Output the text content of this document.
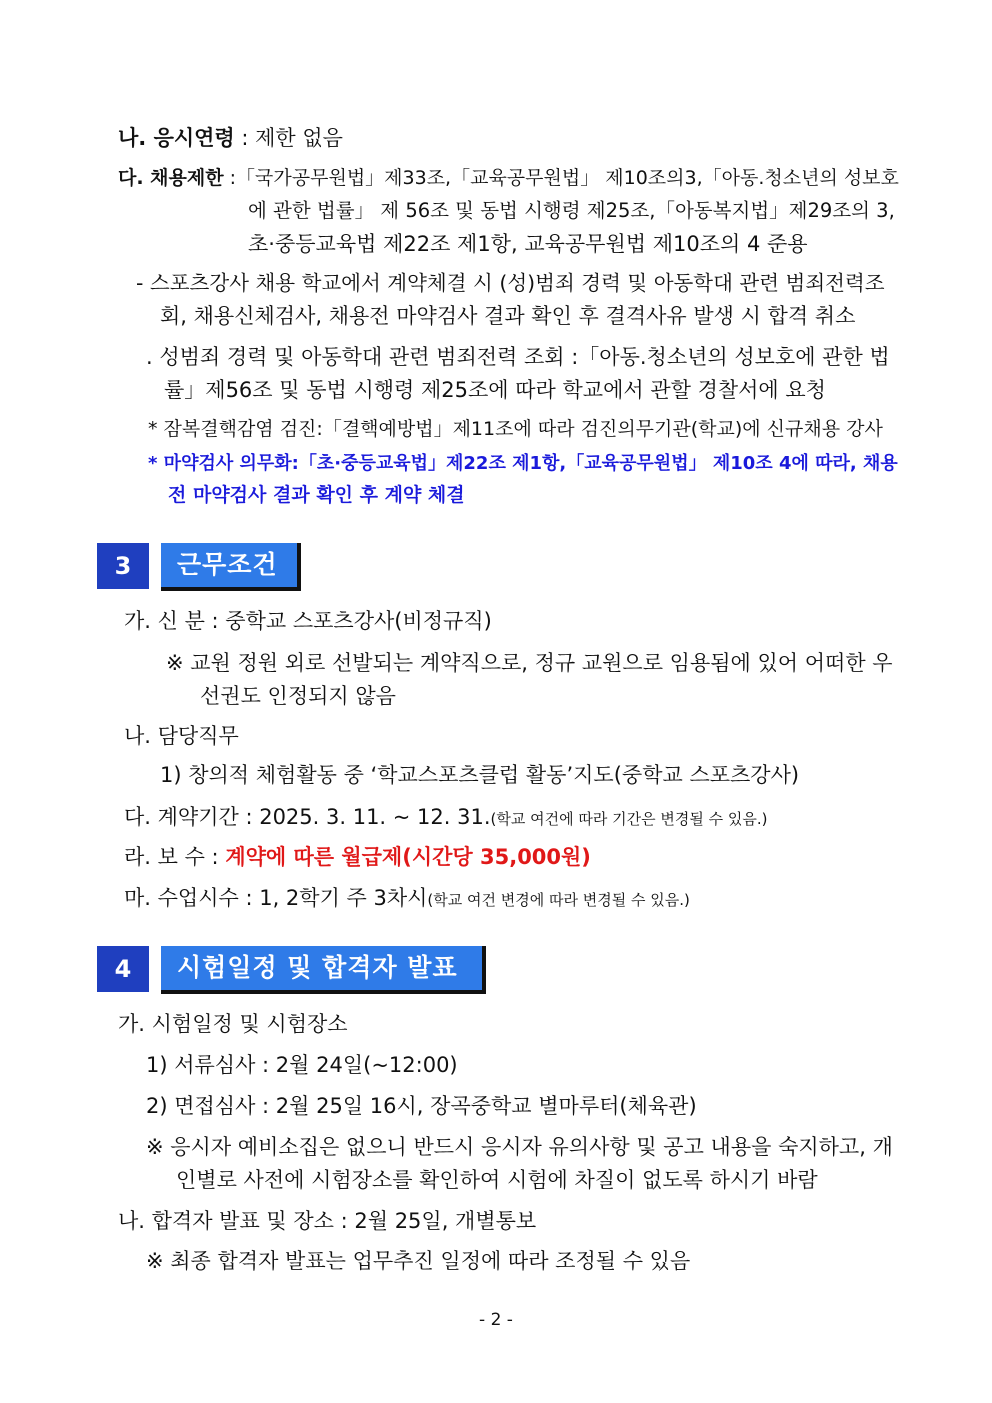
나. 응시연령 : 제한 없음
다. 채용제한 :「국가공무원법」제33조,「교육공무원법」 제10조의3,「아동.청소년의 성보호
에 관한 법률」 제 56조 및 동법 시행령 제25조,「아동복지법」제29조의 3,
초·중등교육법 제22조 제1항, 교육공무원법 제10조의 4 준용
- 스포츠강사 채용 학교에서 계약체결 시 (성)범죄 경력 및 아동학대 관련 범죄전력조
회, 채용신체검사, 채용전 마약검사 결과 확인 후 결격사유 발생 시 합격 취소
. 성범죄 경력 및 아동학대 관련 범죄전력 조회 :「아동.청소년의 성보호에 관한 법
률」제56조 및 동법 시행령 제25조에 따라 학교에서 관할 경찰서에 요청
* 잠복결핵감염 검진:「결핵예방법」제11조에 따라 검진의무기관(학교)에 신규채용 강사
* 마약검사 의무화:「초·중등교육법」제22조 제1항,「교육공무원법」 제10조 4에 따라, 채용
전 마약검사 결과 확인 후 계약 체결
3	근무조건
가. 신 분 : 중학교 스포츠강사(비정규직)
※ 교원 정원 외로 선발되는 계약직으로, 정규 교원으로 임용됨에 있어 어떠한 우
선권도 인정되지 않음
나. 담당직무
1) 창의적 체험활동 중 ‘학교스포츠클럽 활동’지도(중학교 스포츠강사)
다. 계약기간 : 2025. 3. 11. ~ 12. 31.(학교 여건에 따라 기간은 변경될 수 있음.)
라. 보 수 : 계약에 따른 월급제(시간당 35,000원)
마. 수업시수 : 1, 2학기 주 3차시(학교 여건 변경에 따라 변경될 수 있음.)
4	시험일정 및 합격자 발표
가. 시험일정 및 시험장소
1) 서류심사 : 2월 24일(~12:00)
2) 면접심사 : 2월 25일 16시, 장곡중학교 별마루터(체육관)
※ 응시자 예비소집은 없으니 반드시 응시자 유의사항 및 공고 내용을 숙지하고, 개
인별로 사전에 시험장소를 확인하여 시험에 차질이 없도록 하시기 바람
나. 합격자 발표 및 장소 : 2월 25일, 개별통보
※ 최종 합격자 발표는 업무추진 일정에 따라 조정될 수 있음
- 2 -
